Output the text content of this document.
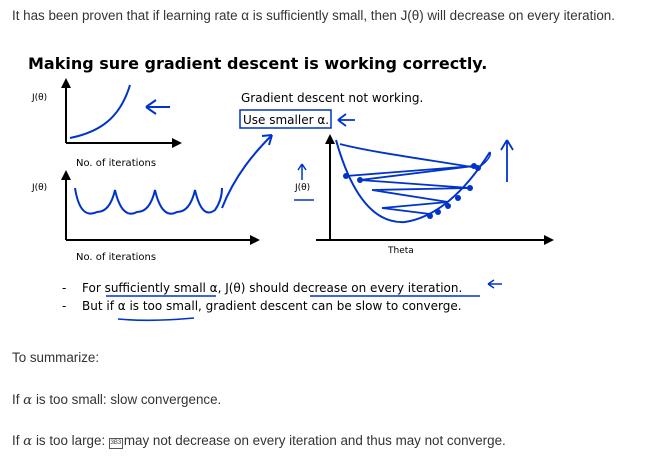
It has been proven that if learning rate α is sufficiently small, then J(θ) will decrease on every iteration.
Making sure gradient descent is working correctly.
J(θ)
No. of iterations
J(θ)
No. of iterations
Gradient descent not working.
Use smaller α.
J(θ)
Theta
- For sufficiently small α, J(θ) should decrease on every iteration.
- But if α is too small, gradient descent can be slow to converge.
To summarize:
If α is too small: slow convergence.
If α is too large: 3B3 may not decrease on every iteration and thus may not converge.
